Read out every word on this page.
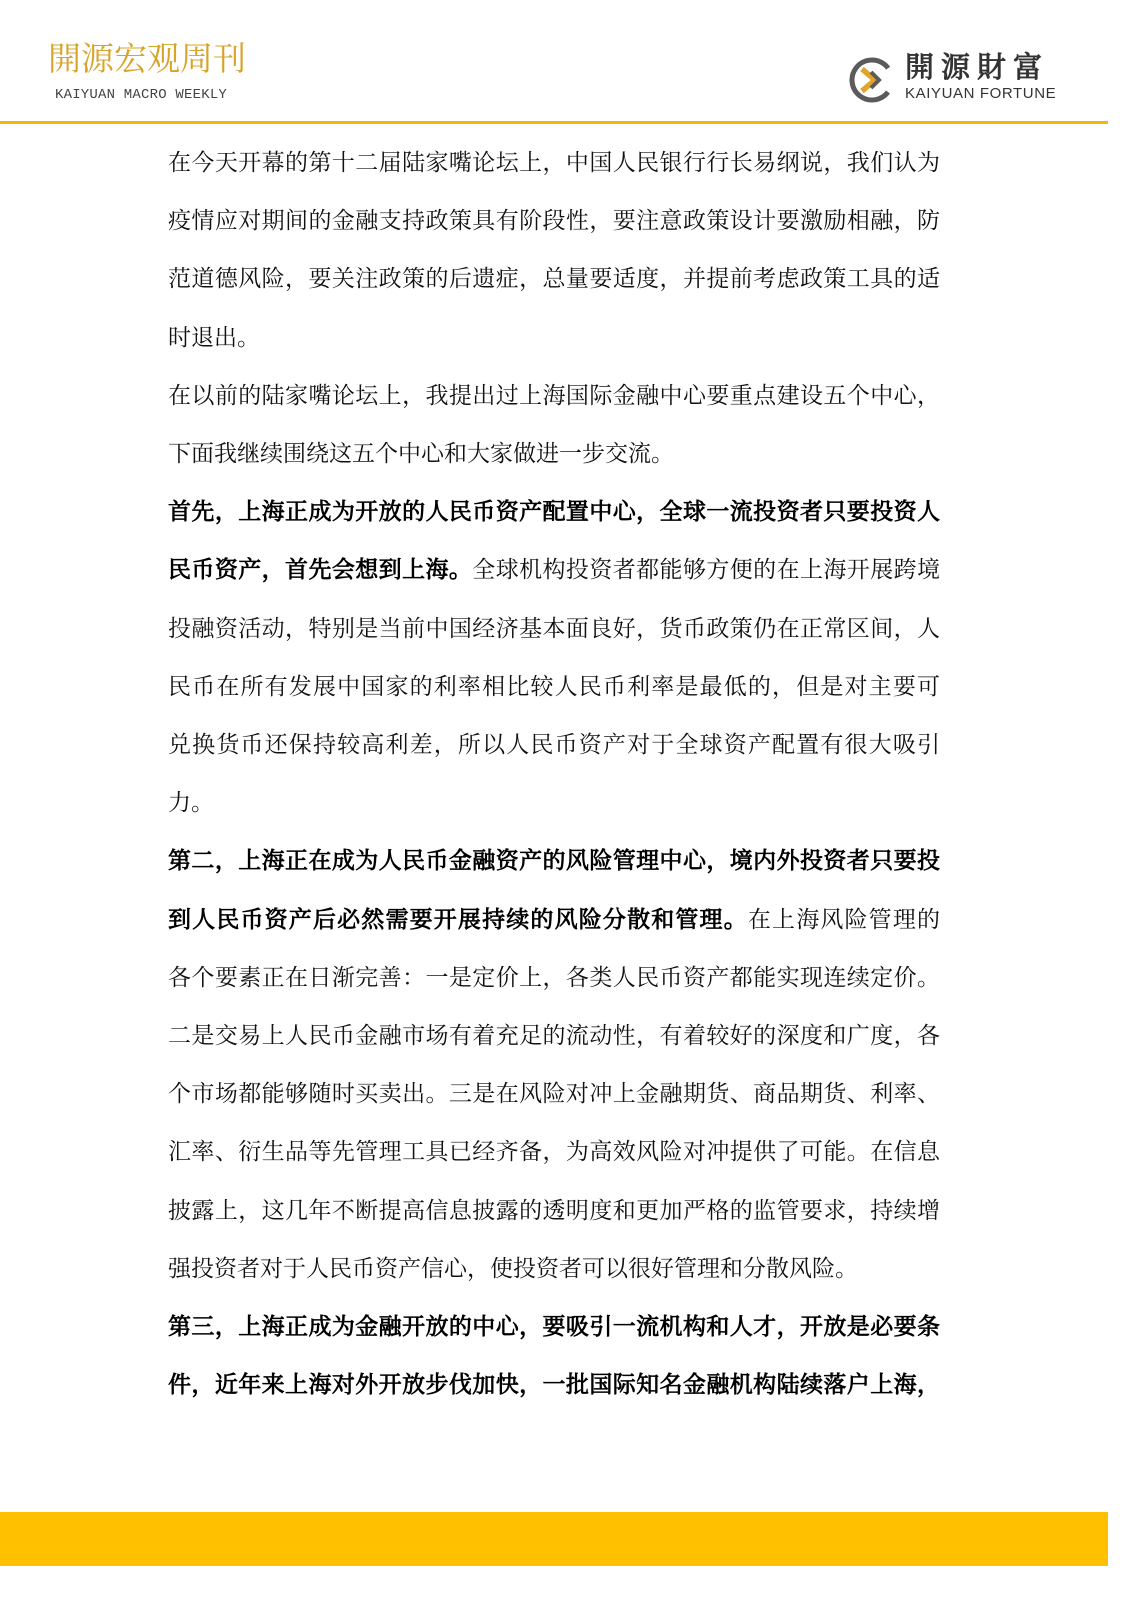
開源宏观周刊
KAIYUAN MACRO WEEKLY
開源財富
KAIYUAN FORTUNE
在今天开幕的第十二届陆家嘴论坛上，中国人民银行行长易纲说，我们认为
疫情应对期间的金融支持政策具有阶段性，要注意政策设计要激励相融，防
范道德风险，要关注政策的后遗症，总量要适度，并提前考虑政策工具的适
时退出。
在以前的陆家嘴论坛上，我提出过上海国际金融中心要重点建设五个中心，
下面我继续围绕这五个中心和大家做进一步交流。
首先，上海正成为开放的人民币资产配置中心，全球一流投资者只要投资人
民币资产，首先会想到上海。全球机构投资者都能够方便的在上海开展跨境
投融资活动，特别是当前中国经济基本面良好，货币政策仍在正常区间，人
民币在所有发展中国家的利率相比较人民币利率是最低的，但是对主要可
兑换货币还保持较高利差，所以人民币资产对于全球资产配置有很大吸引
力。
第二，上海正在成为人民币金融资产的风险管理中心，境内外投资者只要投
到人民币资产后必然需要开展持续的风险分散和管理。在上海风险管理的
各个要素正在日渐完善：一是定价上，各类人民币资产都能实现连续定价。
二是交易上人民币金融市场有着充足的流动性，有着较好的深度和广度，各
个市场都能够随时买卖出。三是在风险对冲上金融期货、商品期货、利率、
汇率、衍生品等先管理工具已经齐备，为高效风险对冲提供了可能。在信息
披露上，这几年不断提高信息披露的透明度和更加严格的监管要求，持续增
强投资者对于人民币资产信心，使投资者可以很好管理和分散风险。
第三，上海正成为金融开放的中心，要吸引一流机构和人才，开放是必要条
件，近年来上海对外开放步伐加快，一批国际知名金融机构陆续落户上海，
